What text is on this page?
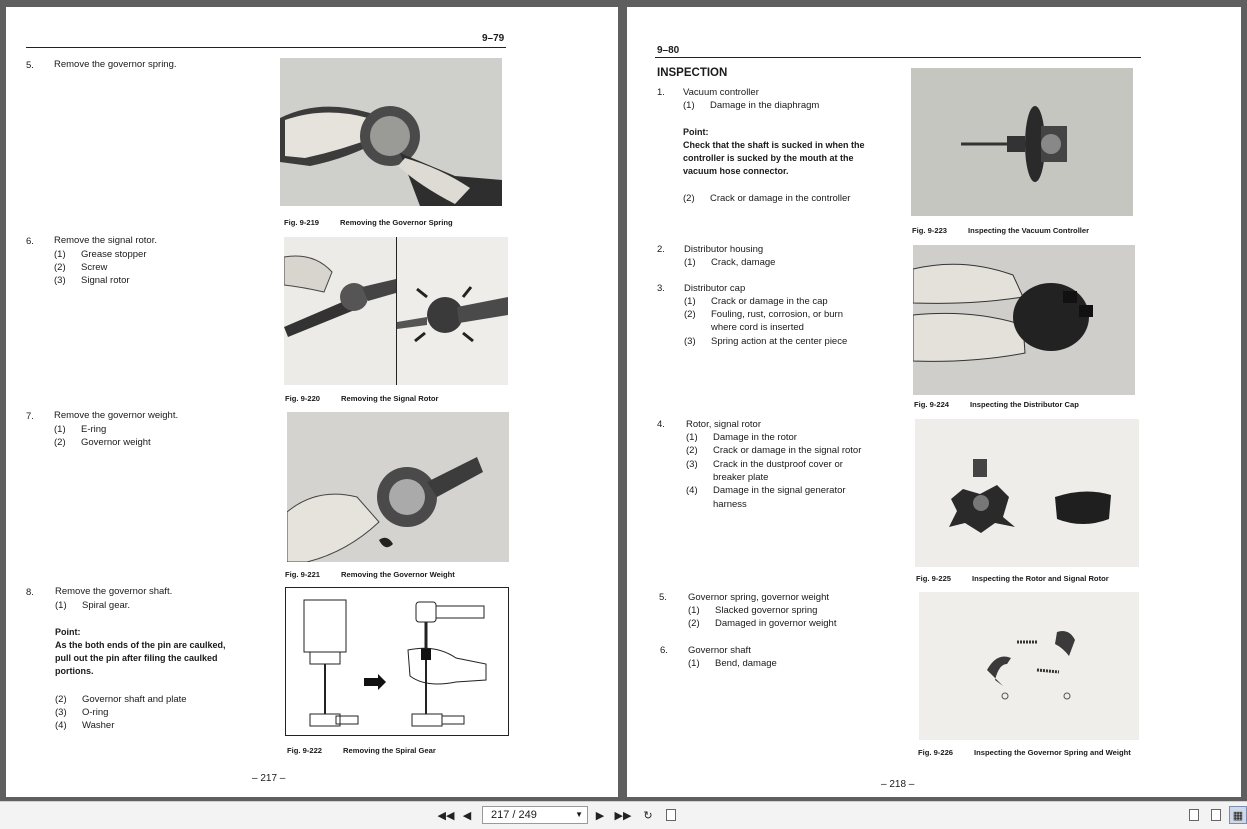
9–79
5. Remove the governor spring.
Fig. 9-219	Removing the Governor Spring
6. Remove the signal rotor.
(1) Grease stopper
(2) Screw
(3) Signal rotor
Fig. 9-220	Removing the Signal Rotor
7. Remove the governor weight.
(1) E-ring
(2) Governor weight
Fig. 9-221	Removing the Governor Weight
8. Remove the governor shaft.
(1) Spiral gear.
Point:
As the both ends of the pin are caulked,
pull out the pin after filing the caulked
portions.
(2) Governor shaft and plate
(3) O-ring
(4) Washer
Fig. 9-222	Removing the Spiral Gear
– 217 –
9–80
INSPECTION
1. Vacuum controller
(1) Damage in the diaphragm
Point:
Check that the shaft is sucked in when the
controller is sucked by the mouth at the
vacuum hose connector.
(2) Crack or damage in the controller
Fig. 9-223	Inspecting the Vacuum Controller
2. Distributor housing
(1) Crack, damage
3. Distributor cap
(1) Crack or damage in the cap
(2) Fouling, rust, corrosion, or burn
where cord is inserted
(3) Spring action at the center piece
Fig. 9-224	Inspecting the Distributor Cap
4. Rotor, signal rotor
(1) Damage in the rotor
(2) Crack or damage in the signal rotor
(3) Crack in the dustproof cover or
breaker plate
(4) Damage in the signal generator
harness
Fig. 9-225	Inspecting the Rotor and Signal Rotor
5. Governor spring, governor weight
(1) Slacked governor spring
(2) Damaged in governor weight
6. Governor shaft
(1) Bend, damage
Fig. 9-226	Inspecting the Governor Spring and Weight
– 218 –
◀◀ ◀	217 / 249	▼	▶ ▶▶	↻	▦
